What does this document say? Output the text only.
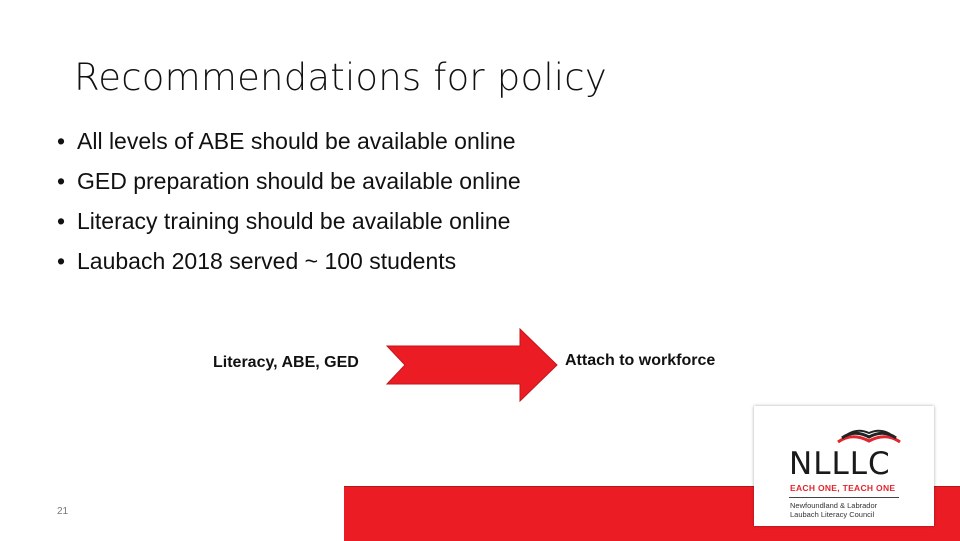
Recommendations for policy
• All levels of ABE should be available online
• GED preparation should be available online
• Literacy training should be available online
• Laubach 2018 served ~ 100 students
Literacy, ABE, GED	Attach to workforce
21
NLLLC
EACH ONE, TEACH ONE
Newfoundland & Labrador
Laubach Literacy Council
